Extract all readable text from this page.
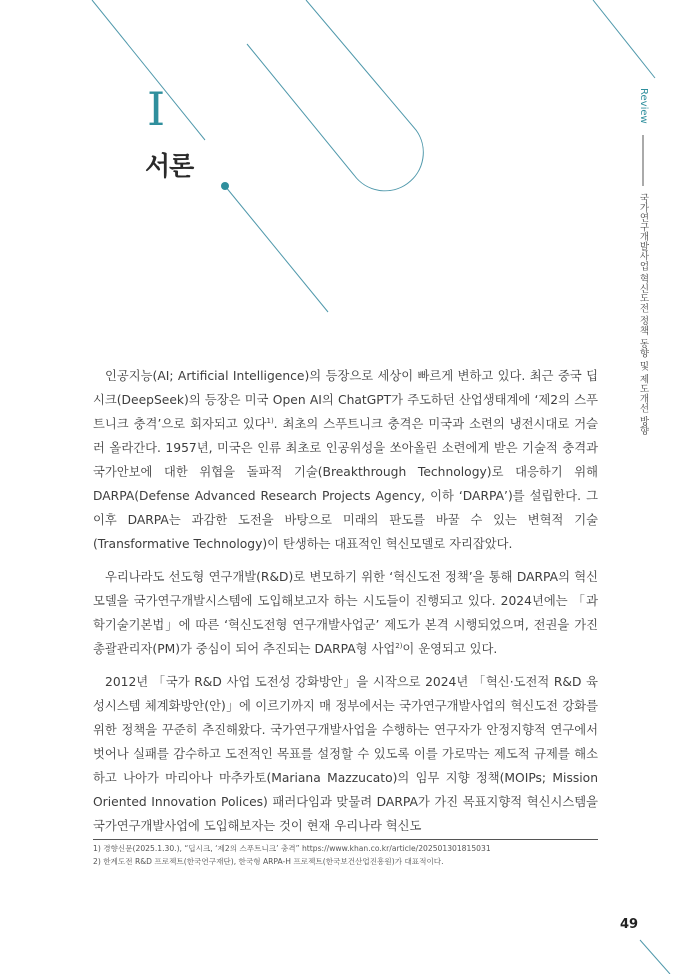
I
서론
Review
국가연구개발사업 혁신도전 정책 동향 및 제도개선 방향

인공지능(AI; Artificial Intelligence)의 등장으로 세상이 빠르게 변하고 있다. 최근 중국 딥시크(DeepSeek)의 등장은 미국 Open AI의 ChatGPT가 주도하던 산업생태계에 ‘제2의 스푸트니크 충격’으로 회자되고 있다$^{1)}$. 최초의 스푸트니크 충격은 미국과 소련의 냉전시대로 거슬러 올라간다. 1957년, 미국은 인류 최초로 인공위성을 쏘아올린 소련에게 받은 기술적 충격과 국가안보에 대한 위협을 돌파적 기술(Breakthrough Technology)로 대응하기 위해 DARPA(Defense Advanced Research Projects Agency, 이하 ‘DARPA’)를 설립한다. 그 이후 DARPA는 과감한 도전을 바탕으로 미래의 판도를 바꿀 수 있는 변혁적 기술(Transformative Technology)이 탄생하는 대표적인 혁신모델로 자리잡았다.

우리나라도 선도형 연구개발(R&D)로 변모하기 위한 ‘혁신도전 정책’을 통해 DARPA의 혁신모델을 국가연구개발시스템에 도입해보고자 하는 시도들이 진행되고 있다. 2024년에는 「과학기술기본법」에 따른 ‘혁신도전형 연구개발사업군’ 제도가 본격 시행되었으며, 전권을 가진 총괄관리자(PM)가 중심이 되어 추진되는 DARPA형 사업$^{2)}$이 운영되고 있다.

2012년 「국가 R&D 사업 도전성 강화방안」을 시작으로 2024년 「혁신·도전적 R&D 육성시스템 체계화방안(안)」에 이르기까지 매 정부에서는 국가연구개발사업의 혁신도전 강화를 위한 정책을 꾸준히 추진해왔다. 국가연구개발사업을 수행하는 연구자가 안정지향적 연구에서 벗어나 실패를 감수하고 도전적인 목표를 설정할 수 있도록 이를 가로막는 제도적 규제를 해소하고 나아가 마리아나 마추카토(Mariana Mazzucato)의 임무 지향 정책(MOIPs; Mission Oriented Innovation Polices) 패러다임과 맞물려 DARPA가 가진 목표지향적 혁신시스템을 국가연구개발사업에 도입해보자는 것이 현재 우리나라 혁신도

1) 경향신문(2025.1.30.), “딥시크, ‘제2의 스푸트니크’ 충격” https://www.khan.co.kr/article/202501301815031
2) 한계도전 R&D 프로젝트(한국연구재단), 한국형 ARPA-H 프로젝트(한국보건산업진흥원)가 대표적이다.
49
